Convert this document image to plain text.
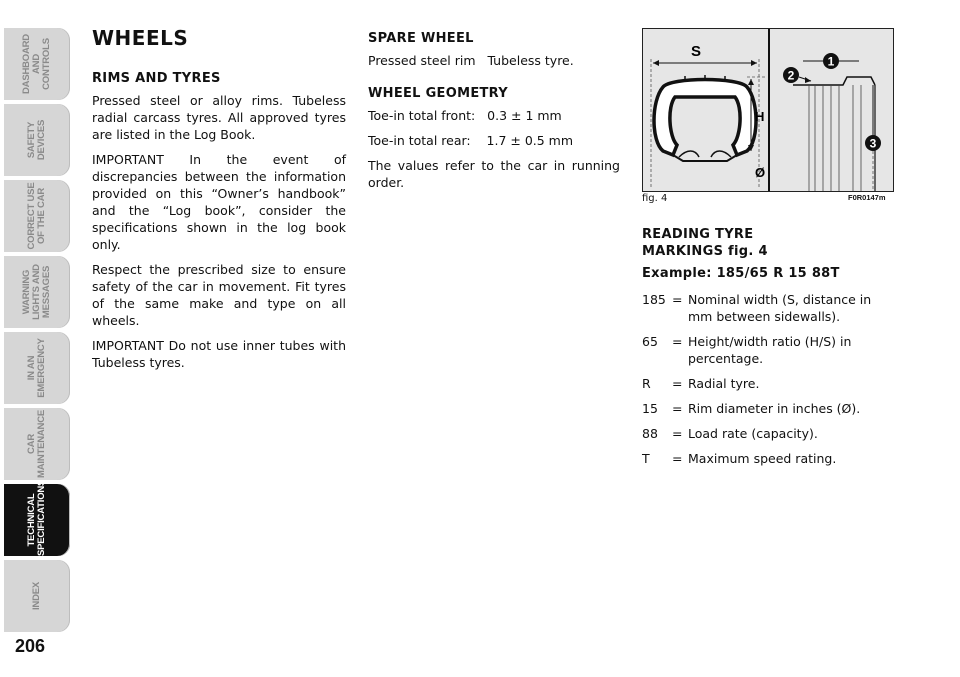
DASHBOARD
AND CONTROLS
SAFETY
DEVICES
CORRECT USE
OF THE CAR
WARNING
LIGHTS AND
MESSAGES
IN AN
EMERGENCY
CAR
MAINTENANCE
TECHNICAL
SPECIFICATIONS
INDEX
206
WHEELS
RIMS AND TYRES

Pressed steel or alloy rims. Tubeless radial carcass tyres. All approved tyres are listed in the Log Book.

IMPORTANT In the event of discrepancies between the information provided on this “Owner’s handbook” and the “Log book”, consider the specifications shown in the log book only.

Respect the prescribed size to ensure safety of the car in movement. Fit tyres of the same make and type on all wheels.

IMPORTANT Do not use inner tubes with Tubeless tyres.

SPARE WHEEL

Pressed steel rim   Tubeless tyre.

WHEEL GEOMETRY

Toe-in total front:   0.3 ± 1 mm

Toe-in total rear:    1.7 ± 0.5 mm

The values refer to the car in running order.

S
H
Ø
1
2
3
fig. 4	F0R0147m
READING TYRE
MARKINGS fig. 4
Example: 185/65 R 15 88T
185 = Nominal width (S, distance in mm between sidewalls).
65	= Height/width ratio (H/S) in percentage.
R	= Radial tyre.
15	= Rim diameter in inches (Ø).
88	= Load rate (capacity).
T	= Maximum speed rating.
